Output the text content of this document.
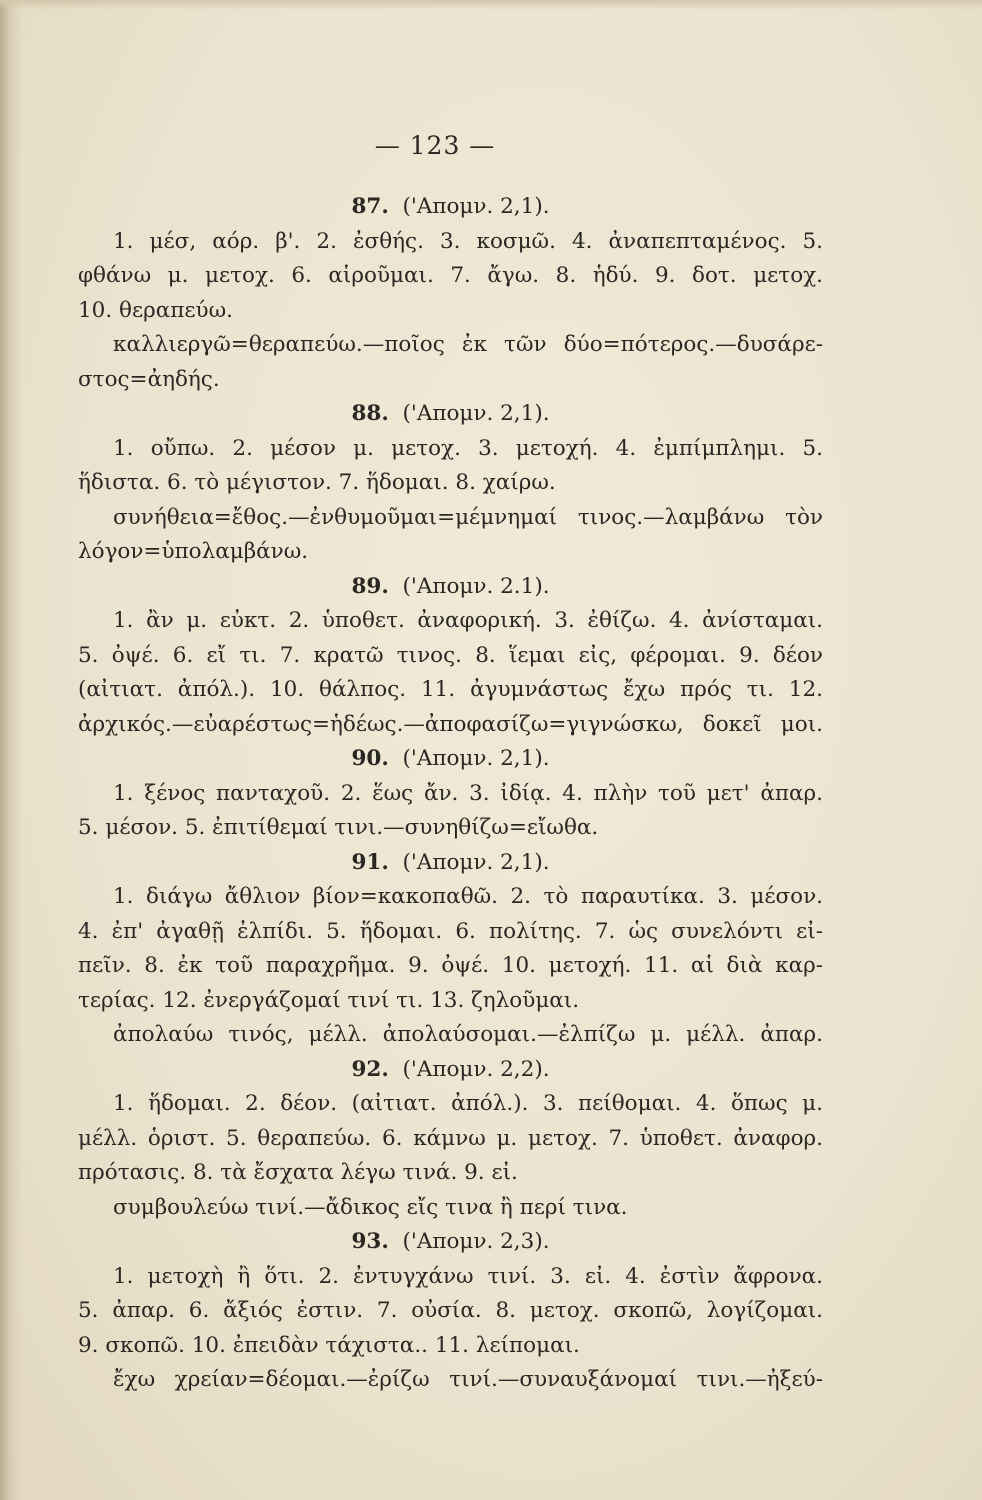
— 123 —
87. ('Απομν. 2,1).
1. μέσ, αόρ. β'. 2. ἐσθής. 3. κοσμῶ. 4. ἀναπεπταμένος. 5.
φθάνω μ. μετοχ. 6. αἱροῦμαι. 7. ἄγω. 8. ἡδύ. 9. δοτ. μετοχ.
10. θεραπεύω.
καλλιεργῶ=θεραπεύω.—ποῖος ἐκ τῶν δύο=πότερος.—δυσάρε-
στος=ἀηδής.
88. ('Απομν. 2,1).
1. οὔπω. 2. μέσον μ. μετοχ. 3. μετοχή. 4. ἐμπίμπλημι. 5.
ἥδιστα. 6. τὸ μέγιστον. 7. ἥδομαι. 8. χαίρω.
συνήθεια=ἔθος.—ἐνθυμοῦμαι=μέμνημαί τινος.—λαμβάνω τὸν
λόγον=ὑπολαμβάνω.
89. ('Απομν. 2.1).
1. ἂν μ. εὐκτ. 2. ὑποθετ. ἀναφορική. 3. ἐθίζω. 4. ἀνίσταμαι.
5. ὀψέ. 6. εἴ τι. 7. κρατῶ τινος. 8. ἵεμαι εἰς, φέρομαι. 9. δέον
(αἰτιατ. ἀπόλ.). 10. θάλπος. 11. ἀγυμνάστως ἔχω πρός τι. 12.
ἀρχικός.—εὐαρέστως=ἡδέως.—ἀποφασίζω=γιγνώσκω, δοκεῖ μοι.
90. ('Απομν. 2,1).
1. ξένος πανταχοῦ. 2. ἕως ἄν. 3. ἰδίᾳ. 4. πλὴν τοῦ μετ' ἀπαρ.
5. μέσον. 5. ἐπιτίθεμαί τινι.—συνηθίζω=εἴωθα.
91. ('Απομν. 2,1).
1. διάγω ἄθλιον βίον=κακοπαθῶ. 2. τὸ παραυτίκα. 3. μέσον.
4. ἐπ' ἀγαθῇ ἐλπίδι. 5. ἥδομαι. 6. πολίτης. 7. ὡς συνελόντι εἰ-
πεῖν. 8. ἐκ τοῦ παραχρῆμα. 9. ὀψέ. 10. μετοχή. 11. αἱ διὰ καρ-
τερίας. 12. ἐνεργάζομαί τινί τι. 13. ζηλοῦμαι.
ἀπολαύω τινός, μέλλ. ἀπολαύσομαι.—ἐλπίζω μ. μέλλ. ἀπαρ.
92. ('Απομν. 2,2).
1. ἥδομαι. 2. δέον. (αἰτιατ. ἀπόλ.). 3. πείθομαι. 4. ὅπως μ.
μέλλ. ὁριστ. 5. θεραπεύω. 6. κάμνω μ. μετοχ. 7. ὑποθετ. ἀναφορ.
πρότασις. 8. τὰ ἔσχατα λέγω τινά. 9. εἰ.
συμβουλεύω τινί.—ἄδικος εἴς τινα ἢ περί τινα.
93. ('Απομν. 2,3).
1. μετοχὴ ἢ ὅτι. 2. ἐντυγχάνω τινί. 3. εἰ. 4. ἐστὶν ἄφρονα.
5. ἀπαρ. 6. ἄξιός ἐστιν. 7. οὐσία. 8. μετοχ. σκοπῶ, λογίζομαι.
9. σκοπῶ. 10. ἐπειδὰν τάχιστα.. 11. λείπομαι.
ἔχω χρείαν=δέομαι.—ἐρίζω τινί.—συναυξάνομαί τινι.—ἠξεύ-
